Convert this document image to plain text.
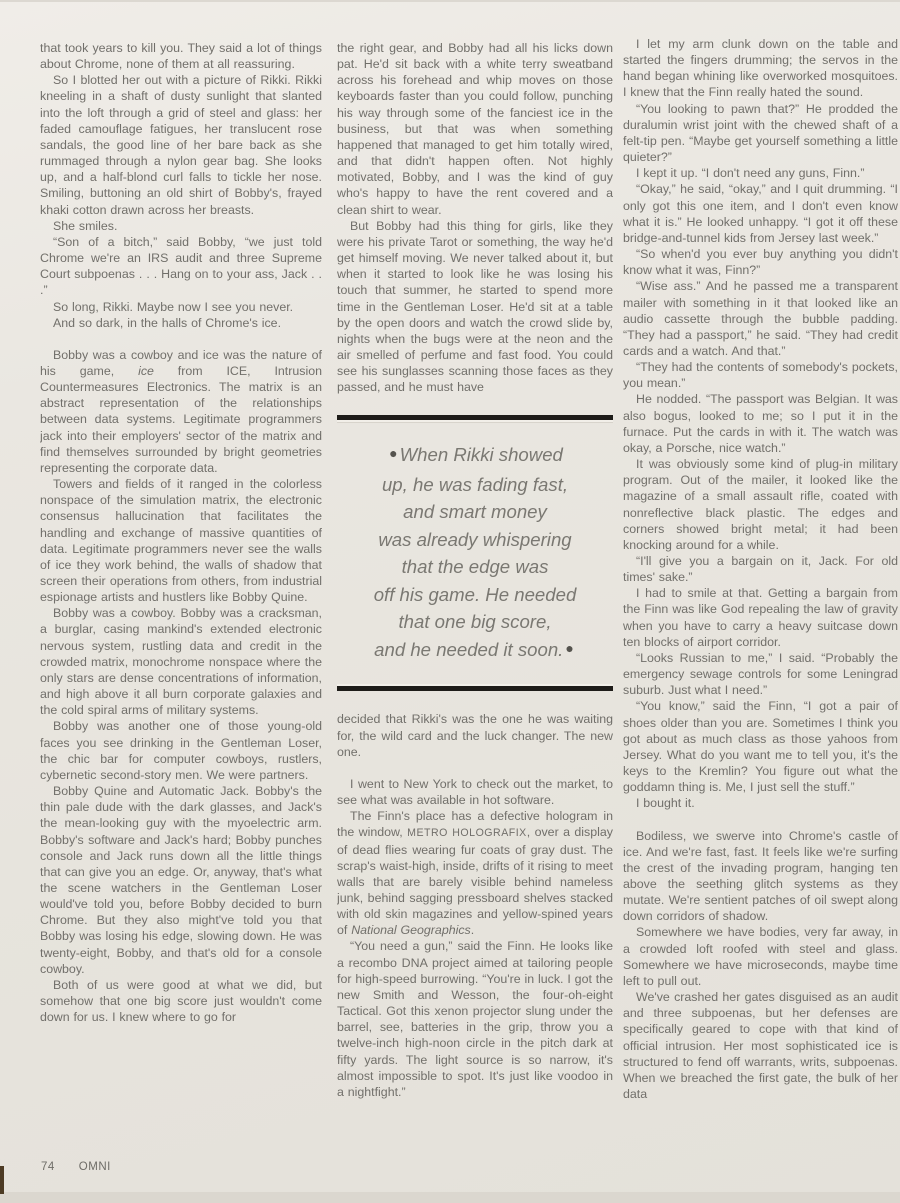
that took years to kill you. They said a lot of things about Chrome, none of them at all reassuring.

So I blotted her out with a picture of Rikki. Rikki kneeling in a shaft of dusty sunlight that slanted into the loft through a grid of steel and glass: her faded camouflage fatigues, her translucent rose sandals, the good line of her bare back as she rummaged through a nylon gear bag. She looks up, and a half-blond curl falls to tickle her nose. Smiling, buttoning an old shirt of Bobby's, frayed khaki cotton drawn across her breasts.

She smiles.

“Son of a bitch,” said Bobby, “we just told Chrome we're an IRS audit and three Supreme Court subpoenas . . . Hang on to your ass, Jack . . .”

So long, Rikki. Maybe now I see you never.

And so dark, in the halls of Chrome's ice.

Bobby was a cowboy and ice was the nature of his game, ice from ICE, Intrusion Countermeasures Electronics. The matrix is an abstract representation of the relationships between data systems. Legitimate programmers jack into their employers' sector of the matrix and find themselves surrounded by bright geometries representing the corporate data.

Towers and fields of it ranged in the colorless nonspace of the simulation matrix, the electronic consensus hallucination that facilitates the handling and exchange of massive quantities of data. Legitimate programmers never see the walls of ice they work behind, the walls of shadow that screen their operations from others, from industrial espionage artists and hustlers like Bobby Quine.

Bobby was a cowboy. Bobby was a cracksman, a burglar, casing mankind's extended electronic nervous system, rustling data and credit in the crowded matrix, monochrome nonspace where the only stars are dense concentrations of information, and high above it all burn corporate galaxies and the cold spiral arms of military systems.

Bobby was another one of those young-old faces you see drinking in the Gentleman Loser, the chic bar for computer cowboys, rustlers, cybernetic second-story men. We were partners.

Bobby Quine and Automatic Jack. Bobby's the thin pale dude with the dark glasses, and Jack's the mean-looking guy with the myoelectric arm. Bobby's software and Jack's hard; Bobby punches console and Jack runs down all the little things that can give you an edge. Or, anyway, that's what the scene watchers in the Gentleman Loser would've told you, before Bobby decided to burn Chrome. But they also might've told you that Bobby was losing his edge, slowing down. He was twenty-eight, Bobby, and that's old for a console cowboy.

Both of us were good at what we did, but somehow that one big score just wouldn't come down for us. I knew where to go for

the right gear, and Bobby had all his licks down pat. He'd sit back with a white terry sweatband across his forehead and whip moves on those keyboards faster than you could follow, punching his way through some of the fanciest ice in the business, but that was when something happened that managed to get him totally wired, and that didn't happen often. Not highly motivated, Bobby, and I was the kind of guy who's happy to have the rent covered and a clean shirt to wear.

But Bobby had this thing for girls, like they were his private Tarot or something, the way he'd get himself moving. We never talked about it, but when it started to look like he was losing his touch that summer, he started to spend more time in the Gentleman Loser. He'd sit at a table by the open doors and watch the crowd slide by, nights when the bugs were at the neon and the air smelled of perfume and fast food. You could see his sunglasses scanning those faces as they passed, and he must have

● When Rikki showed
up, he was fading fast,
and smart money
was already whispering
that the edge was
off his game. He needed
that one big score,
and he needed it soon. ●

decided that Rikki's was the one he was waiting for, the wild card and the luck changer. The new one.

I went to New York to check out the market, to see what was available in hot software.

The Finn's place has a defective hologram in the window, METRO HOLOGRAFIX, over a display of dead flies wearing fur coats of gray dust. The scrap's waist-high, inside, drifts of it rising to meet walls that are barely visible behind nameless junk, behind sagging pressboard shelves stacked with old skin magazines and yellow-spined years of National Geographics.

“You need a gun,” said the Finn. He looks like a recombo DNA project aimed at tailoring people for high-speed burrowing. “You're in luck. I got the new Smith and Wesson, the four-oh-eight Tactical. Got this xenon projector slung under the barrel, see, batteries in the grip, throw you a twelve-inch high-noon circle in the pitch dark at fifty yards. The light source is so narrow, it's almost impossible to spot. It's just like voodoo in a nightfight.”

I let my arm clunk down on the table and started the fingers drumming; the servos in the hand began whining like overworked mosquitoes. I knew that the Finn really hated the sound.

“You looking to pawn that?” He prodded the duralumin wrist joint with the chewed shaft of a felt-tip pen. “Maybe get yourself something a little quieter?”

I kept it up. “I don't need any guns, Finn.”

“Okay,” he said, “okay,” and I quit drumming. “I only got this one item, and I don't even know what it is.” He looked unhappy. “I got it off these bridge-and-tunnel kids from Jersey last week.”

“So when'd you ever buy anything you didn't know what it was, Finn?”

“Wise ass.” And he passed me a transparent mailer with something in it that looked like an audio cassette through the bubble padding. “They had a passport,” he said. “They had credit cards and a watch. And that.”

“They had the contents of somebody's pockets, you mean.”

He nodded. “The passport was Belgian. It was also bogus, looked to me; so I put it in the furnace. Put the cards in with it. The watch was okay, a Porsche, nice watch.”

It was obviously some kind of plug-in military program. Out of the mailer, it looked like the magazine of a small assault rifle, coated with nonreflective black plastic. The edges and corners showed bright metal; it had been knocking around for a while.

“I'll give you a bargain on it, Jack. For old times' sake.”

I had to smile at that. Getting a bargain from the Finn was like God repealing the law of gravity when you have to carry a heavy suitcase down ten blocks of airport corridor.

“Looks Russian to me,” I said. “Probably the emergency sewage controls for some Leningrad suburb. Just what I need.”

“You know,” said the Finn, “I got a pair of shoes older than you are. Sometimes I think you got about as much class as those yahoos from Jersey. What do you want me to tell you, it's the keys to the Kremlin? You figure out what the goddamn thing is. Me, I just sell the stuff.”

I bought it.

Bodiless, we swerve into Chrome's castle of ice. And we're fast, fast. It feels like we're surfing the crest of the invading program, hanging ten above the seething glitch systems as they mutate. We're sentient patches of oil swept along down corridors of shadow.

Somewhere we have bodies, very far away, in a crowded loft roofed with steel and glass. Somewhere we have microseconds, maybe time left to pull out.

We've crashed her gates disguised as an audit and three subpoenas, but her defenses are specifically geared to cope with that kind of official intrusion. Her most sophisticated ice is structured to fend off warrants, writs, subpoenas. When we breached the first gate, the bulk of her data

74 OMNI
